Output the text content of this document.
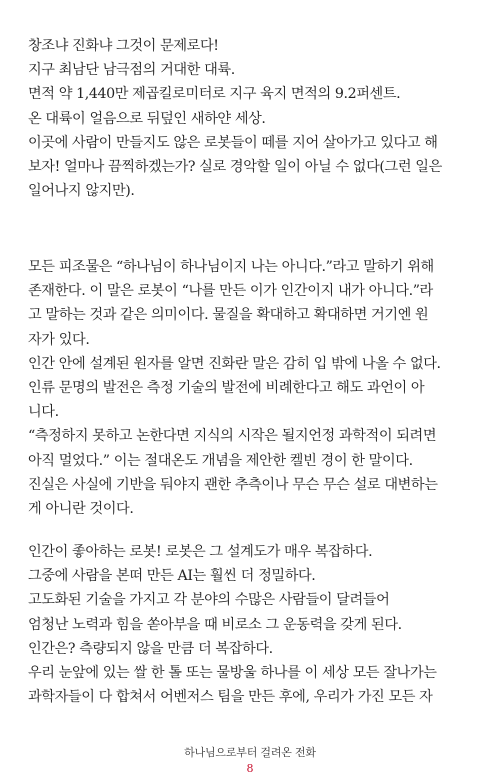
창조냐 진화냐 그것이 문제로다!
지구 최남단 남극점의 거대한 대륙.
면적 약 1,440만 제곱킬로미터로 지구 육지 면적의 9.2퍼센트.
온 대륙이 얼음으로 뒤덮인 새하얀 세상.
이곳에 사람이 만들지도 않은 로봇들이 떼를 지어 살아가고 있다고 해
보자! 얼마나 끔찍하겠는가? 실로 경악할 일이 아닐 수 없다(그런 일은
일어나지 않지만).
모든 피조물은 “하나님이 하나님이지 나는 아니다.”라고 말하기 위해
존재한다. 이 말은 로봇이 “나를 만든 이가 인간이지 내가 아니다.”라
고 말하는 것과 같은 의미이다. 물질을 확대하고 확대하면 거기엔 원
자가 있다.
인간 안에 설계된 원자를 알면 진화란 말은 감히 입 밖에 나올 수 없다.
인류 문명의 발전은 측정 기술의 발전에 비례한다고 해도 과언이 아
니다.
“측정하지 못하고 논한다면 지식의 시작은 될지언정 과학적이 되려면
아직 멀었다.” 이는 절대온도 개념을 제안한 켈빈 경이 한 말이다.
진실은 사실에 기반을 둬야지 괜한 추측이나 무슨 무슨 설로 대변하는
게 아니란 것이다.
인간이 좋아하는 로봇! 로봇은 그 설계도가 매우 복잡하다.
그중에 사람을 본떠 만든 AI는 훨씬 더 정밀하다.
고도화된 기술을 가지고 각 분야의 수많은 사람들이 달려들어
엄청난 노력과 힘을 쏟아부을 때 비로소 그 운동력을 갖게 된다.
인간은? 측량되지 않을 만큼 더 복잡하다.
우리 눈앞에 있는 쌀 한 톨 또는 물방울 하나를 이 세상 모든 잘나가는
과학자들이 다 합쳐서 어벤저스 팀을 만든 후에, 우리가 가진 모든 자
하나님으로부터 걸려온 전화
8
